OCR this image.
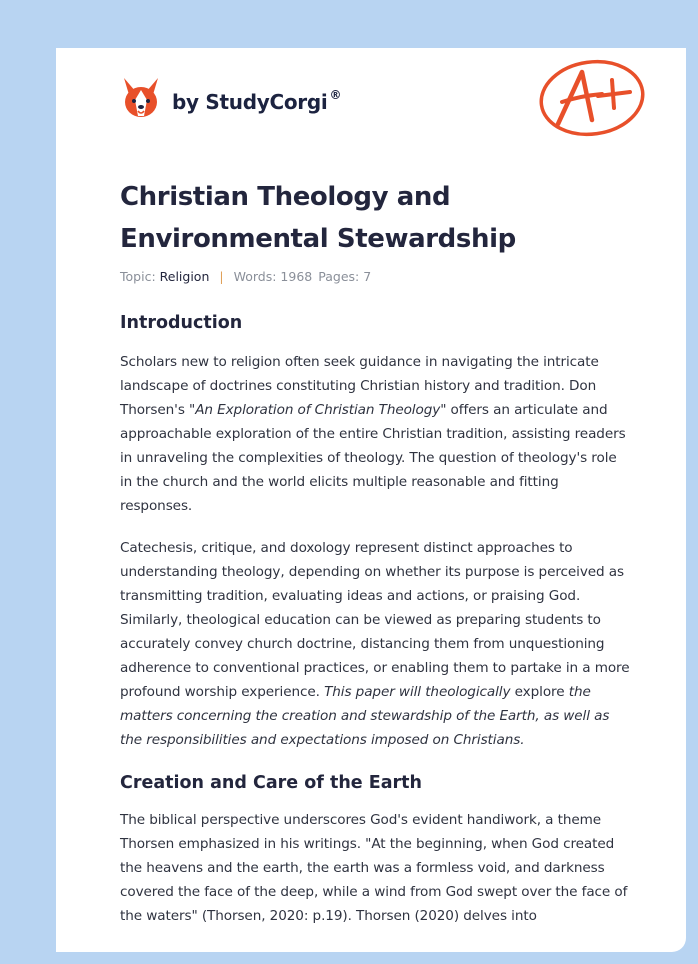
by StudyCorgi ®
Christian Theology and Environmental Stewardship
Topic: Religion | Words: 1968 Pages: 7
Introduction

Scholars new to religion often seek guidance in navigating the intricate landscape of doctrines constituting Christian history and tradition. Don Thorsen's "An Exploration of Christian Theology" offers an articulate and approachable exploration of the entire Christian tradition, assisting readers in unraveling the complexities of theology. The question of theology's role in the church and the world elicits multiple reasonable and fitting responses.

Catechesis, critique, and doxology represent distinct approaches to understanding theology, depending on whether its purpose is perceived as transmitting tradition, evaluating ideas and actions, or praising God. Similarly, theological education can be viewed as preparing students to accurately convey church doctrine, distancing them from unquestioning adherence to conventional practices, or enabling them to partake in a more profound worship experience. This paper will theologically explore the matters concerning the creation and stewardship of the Earth, as well as the responsibilities and expectations imposed on Christians.

Creation and Care of the Earth

The biblical perspective underscores God's evident handiwork, a theme Thorsen emphasized in his writings. "At the beginning, when God created the heavens and the earth, the earth was a formless void, and darkness covered the face of the deep, while a wind from God swept over the face of the waters" (Thorsen, 2020: p.19). Thorsen (2020) delves into
